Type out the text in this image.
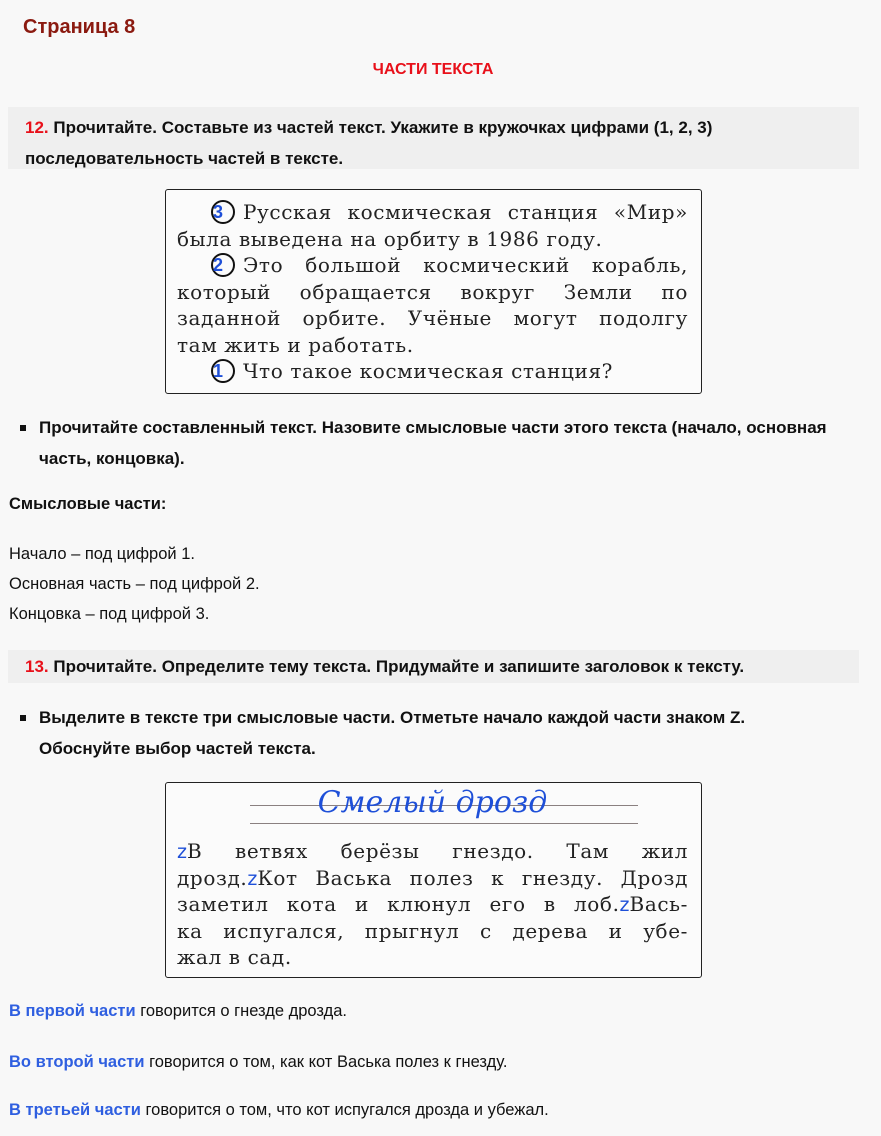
Страница 8
ЧАСТИ ТЕКСТА
12. Прочитайте. Составьте из частей текст. Укажите в кружочках цифрами (1, 2, 3) последовательность частей в тексте.
3 Русская космическая станция «Мир»
была выведена на орбиту в 1986 году.
2 Это большой космический корабль,
который обращается вокруг Земли по
заданной орбите. Учёные могут подолгу
там жить и работать.
1 Что такое космическая станция?
Прочитайте составленный текст. Назовите смысловые части этого текста (начало, основная часть, концовка).
Смысловые части:
Начало – под цифрой 1.
Основная часть – под цифрой 2.
Концовка – под цифрой 3.
13. Прочитайте. Определите тему текста. Придумайте и запишите заголовок к тексту.
Выделите в тексте три смысловые части. Отметьте начало каждой части знаком Z. Обоснуйте выбор частей текста.
Смелый дрозд
zВ ветвях берёзы гнездо. Там жил
дрозд.zКот Васька полез к гнезду. Дрозд
заметил кота и клюнул его в лоб.zВась-
ка испугался, прыгнул с дерева и убе-
жал в сад.
В первой части говорится о гнезде дрозда.
Во второй части говорится о том, как кот Васька полез к гнезду.
В третьей части говорится о том, что кот испугался дрозда и убежал.
